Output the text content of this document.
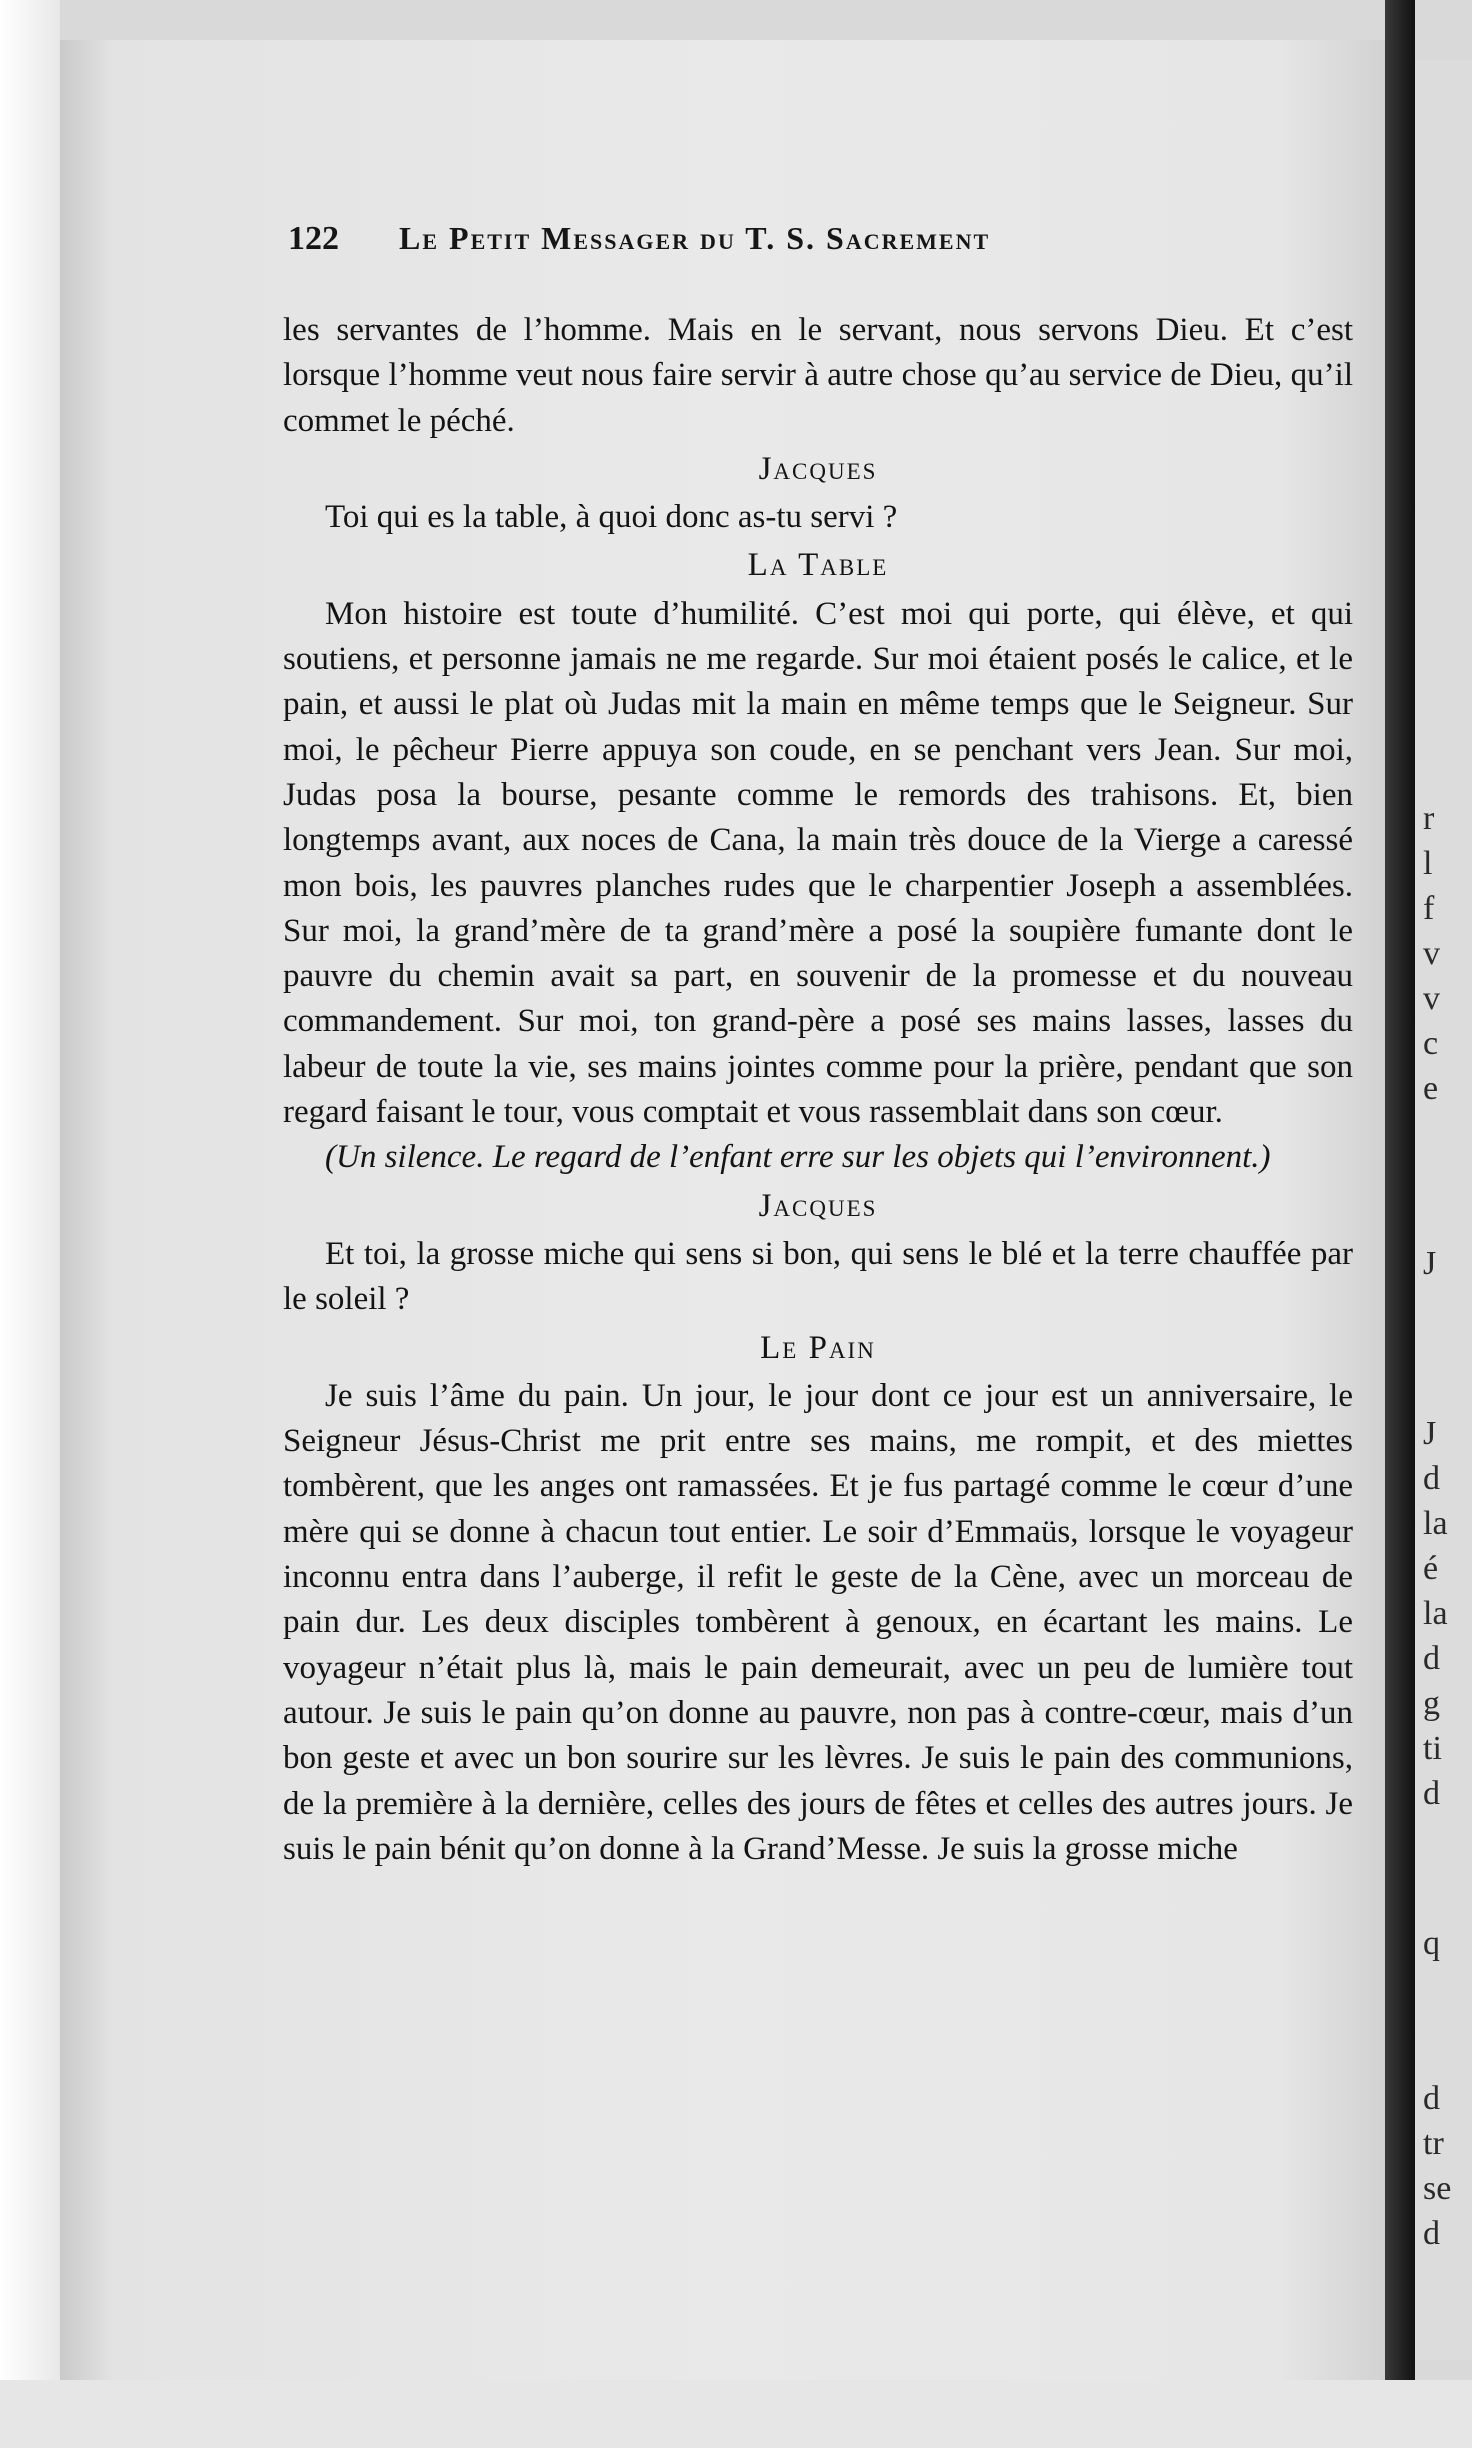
r
l
f
v
v
c
e
J
J
d
la
é
la
d
g
ti
d
q
d
tr
se
d
122 Le Petit Messager du T. S. Sacrement

les servantes de l’homme. Mais en le servant, nous servons Dieu. Et c’est lorsque l’homme veut nous faire servir à autre chose qu’au service de Dieu, qu’il commet le péché.

Jacques

Toi qui es la table, à quoi donc as-tu servi ?

La Table

Mon histoire est toute d’humilité. C’est moi qui porte, qui élève, et qui soutiens, et personne jamais ne me regarde. Sur moi étaient posés le calice, et le pain, et aussi le plat où Judas mit la main en même temps que le Seigneur. Sur moi, le pêcheur Pierre appuya son coude, en se penchant vers Jean. Sur moi, Judas posa la bourse, pesante comme le remords des trahisons. Et, bien longtemps avant, aux noces de Cana, la main très douce de la Vierge a caressé mon bois, les pauvres planches rudes que le charpentier Joseph a assemblées. Sur moi, la grand’mère de ta grand’mère a posé la soupière fumante dont le pauvre du chemin avait sa part, en souvenir de la promesse et du nouveau commandement. Sur moi, ton grand-père a posé ses mains lasses, lasses du labeur de toute la vie, ses mains jointes comme pour la prière, pendant que son regard faisant le tour, vous comptait et vous rassemblait dans son cœur.

(Un silence. Le regard de l’enfant erre sur les objets qui l’environnent.)

Jacques

Et toi, la grosse miche qui sens si bon, qui sens le blé et la terre chauffée par le soleil ?

Le Pain

Je suis l’âme du pain. Un jour, le jour dont ce jour est un anniversaire, le Seigneur Jésus-Christ me prit entre ses mains, me rompit, et des miettes tombèrent, que les anges ont ramassées. Et je fus partagé comme le cœur d’une mère qui se donne à chacun tout entier. Le soir d’Emmaüs, lorsque le voyageur inconnu entra dans l’auberge, il refit le geste de la Cène, avec un morceau de pain dur. Les deux disciples tombèrent à genoux, en écartant les mains. Le voyageur n’était plus là, mais le pain demeurait, avec un peu de lumière tout autour. Je suis le pain qu’on donne au pauvre, non pas à contre-cœur, mais d’un bon geste et avec un bon sourire sur les lèvres. Je suis le pain des communions, de la première à la dernière, celles des jours de fêtes et celles des autres jours. Je suis le pain bénit qu’on donne à la Grand’Messe. Je suis la grosse miche
